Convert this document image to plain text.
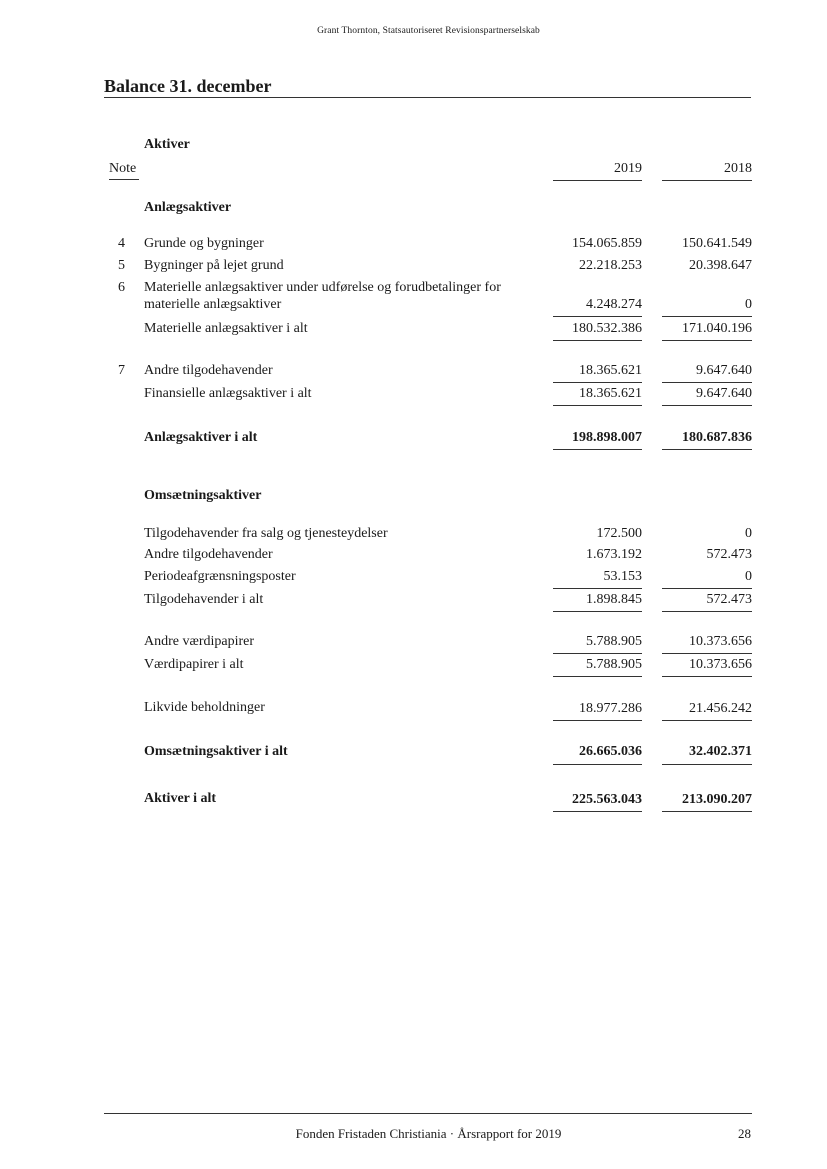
Grant Thornton, Statsautoriseret Revisionspartnerselskab
Balance 31. december
Aktiver
Note	2019	2018
Anlægsaktiver
4 Grunde og bygninger	154.065.859	150.641.549
5 Bygninger på lejet grund	22.218.253	20.398.647
6 Materielle anlægsaktiver under udførelse og forudbetalinger for
materielle anlægsaktiver	4.248.274	0
Materielle anlægsaktiver i alt	180.532.386	171.040.196
7 Andre tilgodehavender	18.365.621	9.647.640
Finansielle anlægsaktiver i alt	18.365.621	9.647.640
Anlægsaktiver i alt	198.898.007	180.687.836
Omsætningsaktiver
Tilgodehavender fra salg og tjenesteydelser	172.500	0
Andre tilgodehavender	1.673.192	572.473
Periodeafgrænsningsposter	53.153	0
Tilgodehavender i alt	1.898.845	572.473
Andre værdipapirer	5.788.905	10.373.656
Værdipapirer i alt	5.788.905	10.373.656
Likvide beholdninger	18.977.286	21.456.242
Omsætningsaktiver i alt	26.665.036	32.402.371
Aktiver i alt	225.563.043	213.090.207
Fonden Fristaden Christiania · Årsrapport for 2019	28
